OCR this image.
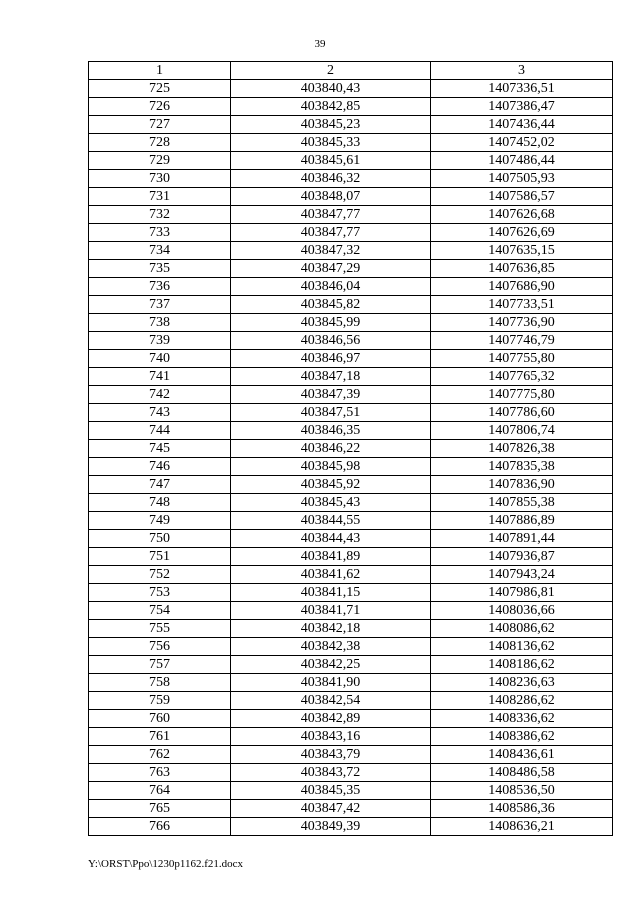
39
1	2	3
725	403840,43	1407336,51
726	403842,85	1407386,47
727	403845,23	1407436,44
728	403845,33	1407452,02
729	403845,61	1407486,44
730	403846,32	1407505,93
731	403848,07	1407586,57
732	403847,77	1407626,68
733	403847,77	1407626,69
734	403847,32	1407635,15
735	403847,29	1407636,85
736	403846,04	1407686,90
737	403845,82	1407733,51
738	403845,99	1407736,90
739	403846,56	1407746,79
740	403846,97	1407755,80
741	403847,18	1407765,32
742	403847,39	1407775,80
743	403847,51	1407786,60
744	403846,35	1407806,74
745	403846,22	1407826,38
746	403845,98	1407835,38
747	403845,92	1407836,90
748	403845,43	1407855,38
749	403844,55	1407886,89
750	403844,43	1407891,44
751	403841,89	1407936,87
752	403841,62	1407943,24
753	403841,15	1407986,81
754	403841,71	1408036,66
755	403842,18	1408086,62
756	403842,38	1408136,62
757	403842,25	1408186,62
758	403841,90	1408236,63
759	403842,54	1408286,62
760	403842,89	1408336,62
761	403843,16	1408386,62
762	403843,79	1408436,61
763	403843,72	1408486,58
764	403845,35	1408536,50
765	403847,42	1408586,36
766	403849,39	1408636,21
Y:\ORST\Ppo\1230p1162.f21.docx
